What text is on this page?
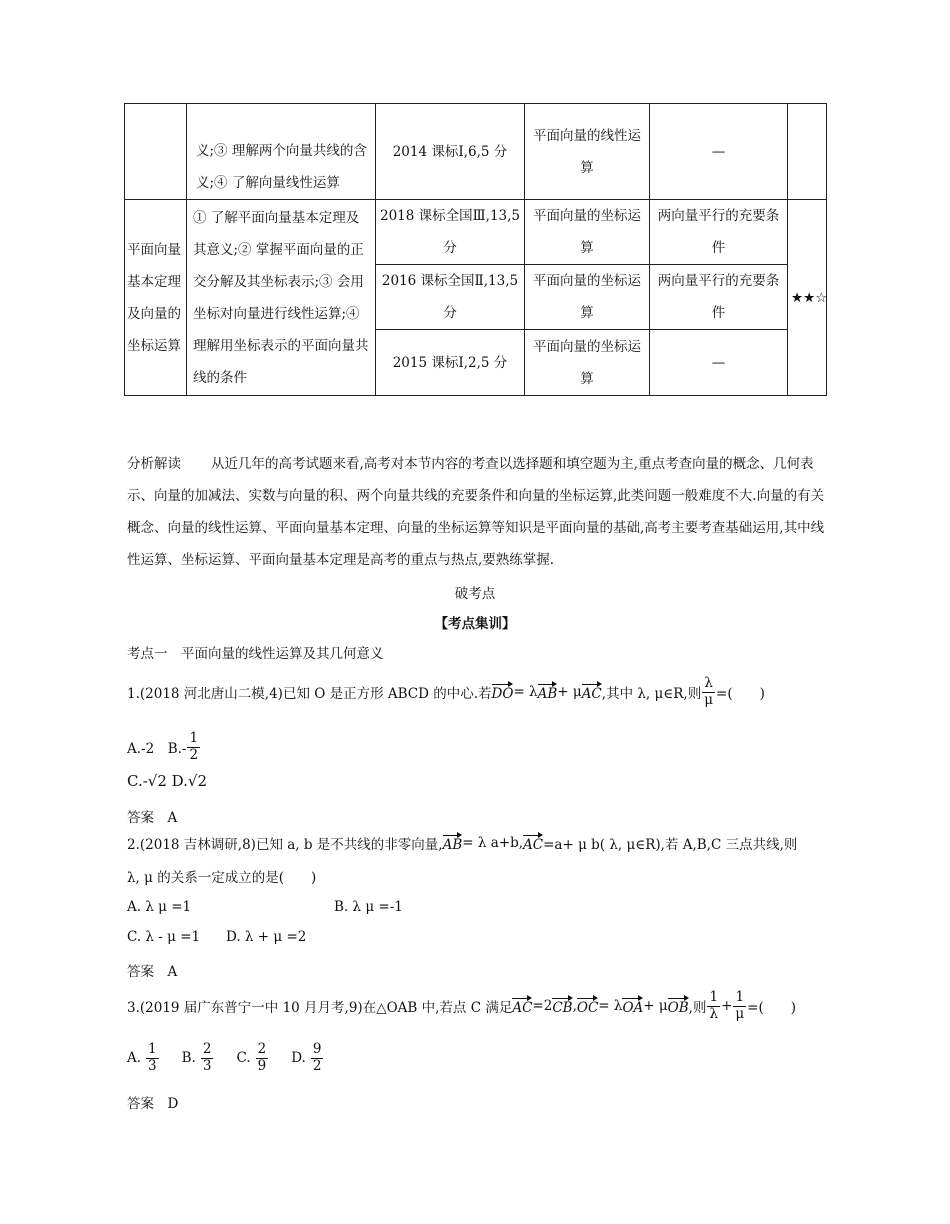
	义;③ 理解两个向量共线的含义;④ 了解向量线性运算	2014 课标Ⅰ,6,5 分	平面向量的线性运算	—	
平面向量基本定理及向量的坐标运算	① 了解平面向量基本定理及其意义;② 掌握平面向量的正交分解及其坐标表示;③ 会用坐标对向量进行线性运算;④ 理解用坐标表示的平面向量共线的条件	2018 课标全国Ⅲ,13,5 分	平面向量的坐标运算	两向量平行的充要条件	★★☆
		2016 课标全国Ⅱ,13,5 分	平面向量的坐标运算	两向量平行的充要条件	
		2015 课标Ⅰ,2,5 分	平面向量的坐标运算	—	
分析解读 从近几年的高考试题来看,高考对本节内容的考查以选择题和填空题为主,重点考查向量的概念、几何表示、向量的加减法、实数与向量的积、两个向量共线的充要条件和向量的坐标运算,此类问题一般难度不大.向量的有关概念、向量的线性运算、平面向量基本定理、向量的坐标运算等知识是平面向量的基础,高考主要考查基础运用,其中线性运算、坐标运算、平面向量基本定理是高考的重点与热点,要熟练掌握.
破考点
【考点集训】
考点一　平面向量的线性运算及其几何意义
1.(2018 河北唐山二模,4)已知 O 是正方形 ABCD 的中心.若 DO = λ AB + μ AC ,其中 λ, μ∈R,则 $\frac{\lambda}{\mu}$ =(　　)
A.-2　$B.- \frac{1}{2}$
C.-√2 D.√2
答案　A
2.(2018 吉林调研,8)已知 a, b 是不共线的非零向量, AB = λ a+b, AC =a+ μ b( λ, μ∈R),若 A,B,C 三点共线,则
λ, μ 的关系一定成立的是(　　)
A. λ μ =1	B. λ μ =-1
C. λ - μ =1 D. λ + μ =2
答案　A
3.(2019 届广东普宁一中 10 月月考,9)在△OAB 中,若点 C 满足 AC =2 CB , OC = λ OA + μ OB ,则 $\frac{1}{\lambda} + \frac{1}{\mu}$ =(　　)
A. $\frac{1}{3} B$. $\frac{2}{3} C$. $\frac{2}{9} D$. $\frac{9}{2}$
答案　D
